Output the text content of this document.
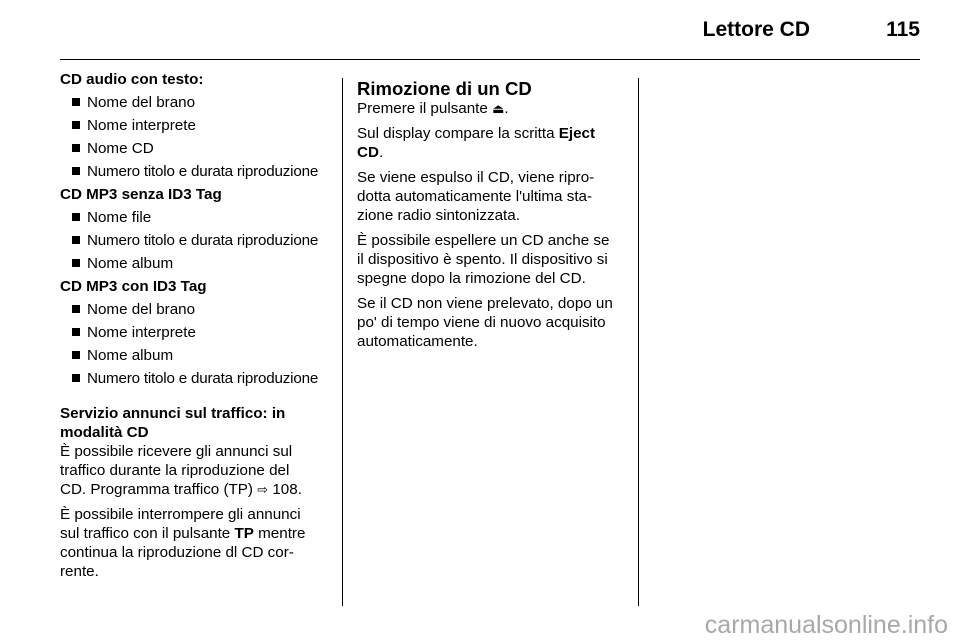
Lettore CD	115
CD audio con testo:
Nome del brano
Nome interprete
Nome CD
Numero titolo e durata riproduzione
CD MP3 senza ID3 Tag
Nome file
Numero titolo e durata riproduzione
Nome album
CD MP3 con ID3 Tag
Nome del brano
Nome interprete
Nome album
Numero titolo e durata riproduzione
Servizio annunci sul traffico: in
modalità CD
È possibile ricevere gli annunci sul
traffico durante la riproduzione del
CD. Programma traffico (TP) ⇨ 108.
È possibile interrompere gli annunci
sul traffico con il pulsante TP mentre
continua la riproduzione dl CD cor-
rente.
Rimozione di un CD
Premere il pulsante ⏏.
Sul display compare la scritta Eject
CD.
Se viene espulso il CD, viene ripro-
dotta automaticamente l'ultima sta-
zione radio sintonizzata.
È possibile espellere un CD anche se
il dispositivo è spento. Il dispositivo si
spegne dopo la rimozione del CD.
Se il CD non viene prelevato, dopo un
po' di tempo viene di nuovo acquisito
automaticamente.
carmanualsonline.info
